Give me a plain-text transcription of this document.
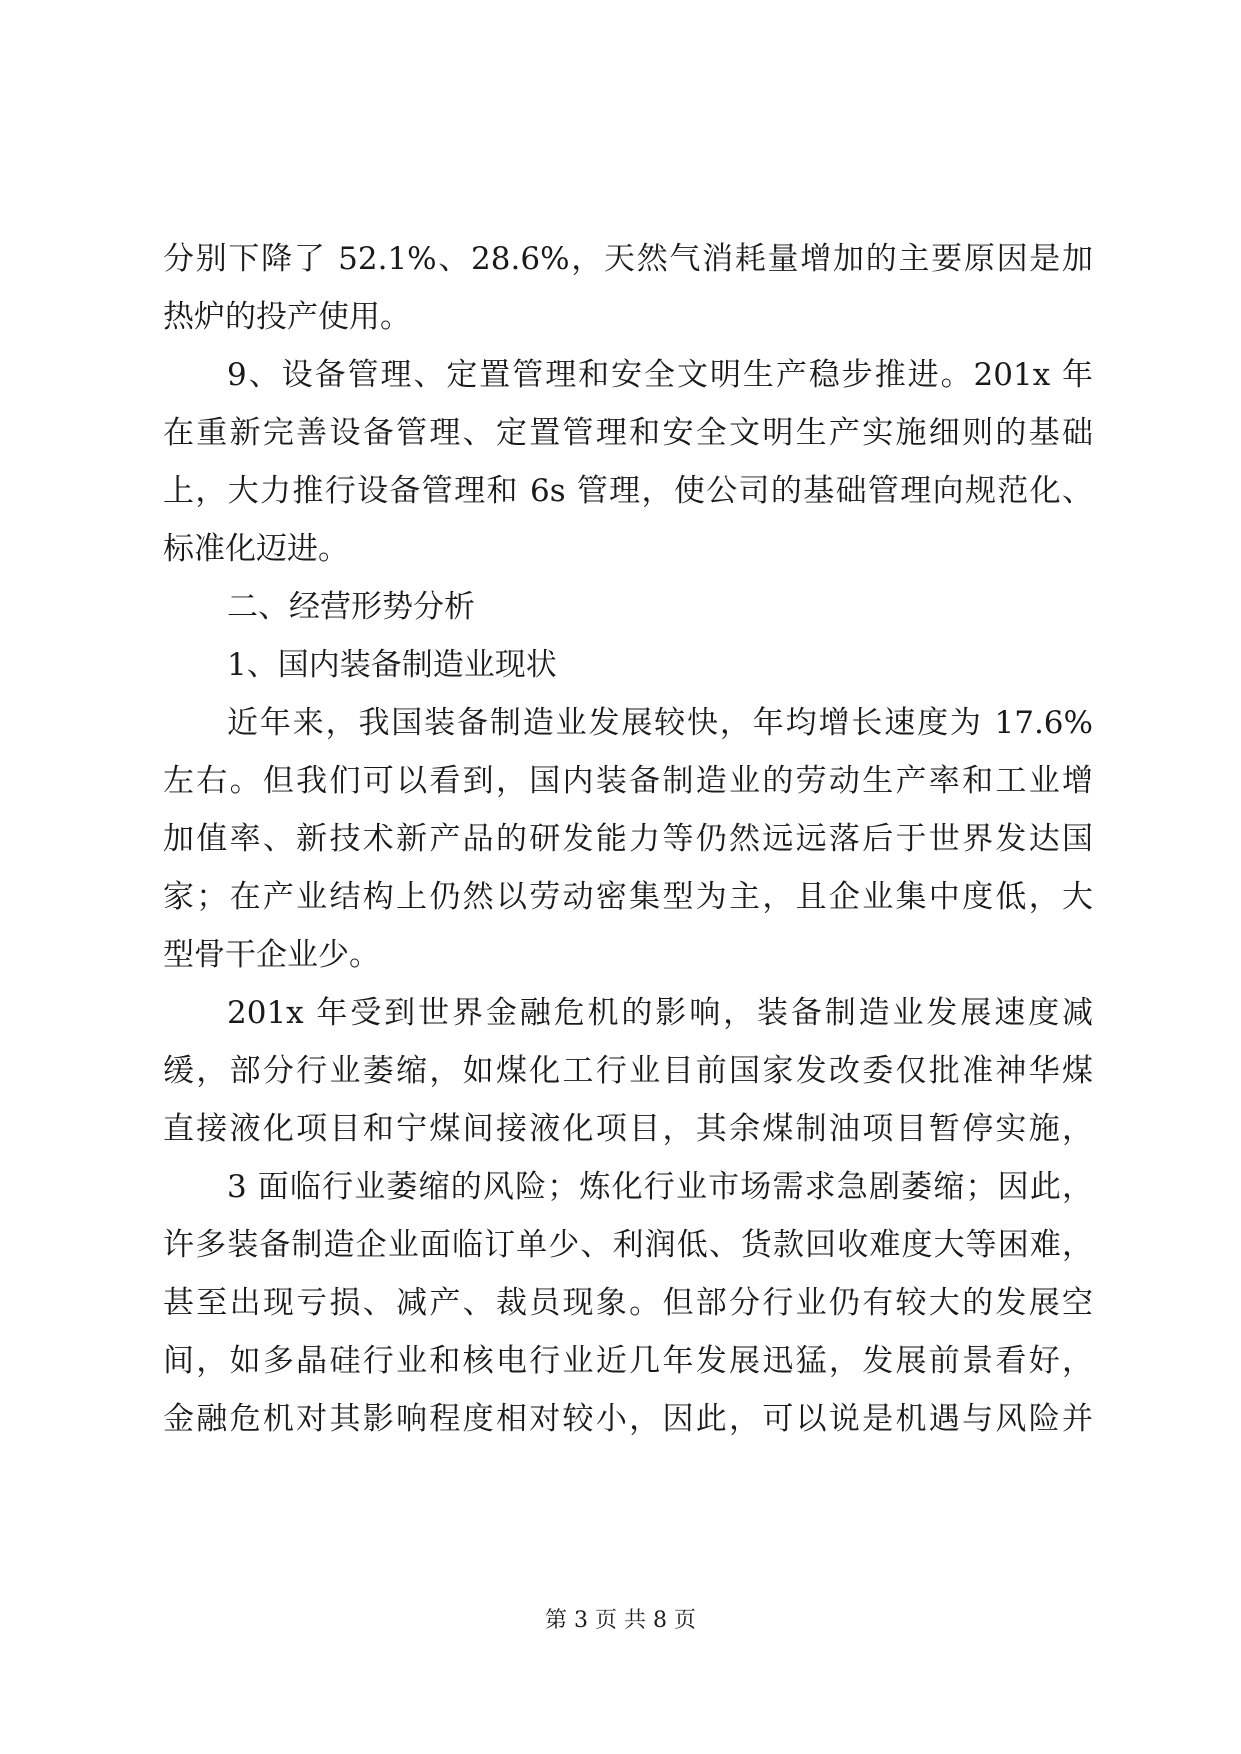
分别下降了 52.1%、28.6%，天然气消耗量增加的主要原因是加
热炉的投产使用。
9、设备管理、定置管理和安全文明生产稳步推进。201x 年
在重新完善设备管理、定置管理和安全文明生产实施细则的基础
上，大力推行设备管理和 6s 管理，使公司的基础管理向规范化、
标准化迈进。
二、经营形势分析
1、国内装备制造业现状
近年来，我国装备制造业发展较快，年均增长速度为 17.6%
左右。但我们可以看到，国内装备制造业的劳动生产率和工业增
加值率、新技术新产品的研发能力等仍然远远落后于世界发达国
家；在产业结构上仍然以劳动密集型为主，且企业集中度低，大
型骨干企业少。
201x 年受到世界金融危机的影响，装备制造业发展速度减
缓，部分行业萎缩，如煤化工行业目前国家发改委仅批准神华煤
直接液化项目和宁煤间接液化项目，其余煤制油项目暂停实施，
3 面临行业萎缩的风险；炼化行业市场需求急剧萎缩；因此，
许多装备制造企业面临订单少、利润低、货款回收难度大等困难，
甚至出现亏损、减产、裁员现象。但部分行业仍有较大的发展空
间，如多晶硅行业和核电行业近几年发展迅猛，发展前景看好，
金融危机对其影响程度相对较小，因此，可以说是机遇与风险并
第 3 页 共 8 页
